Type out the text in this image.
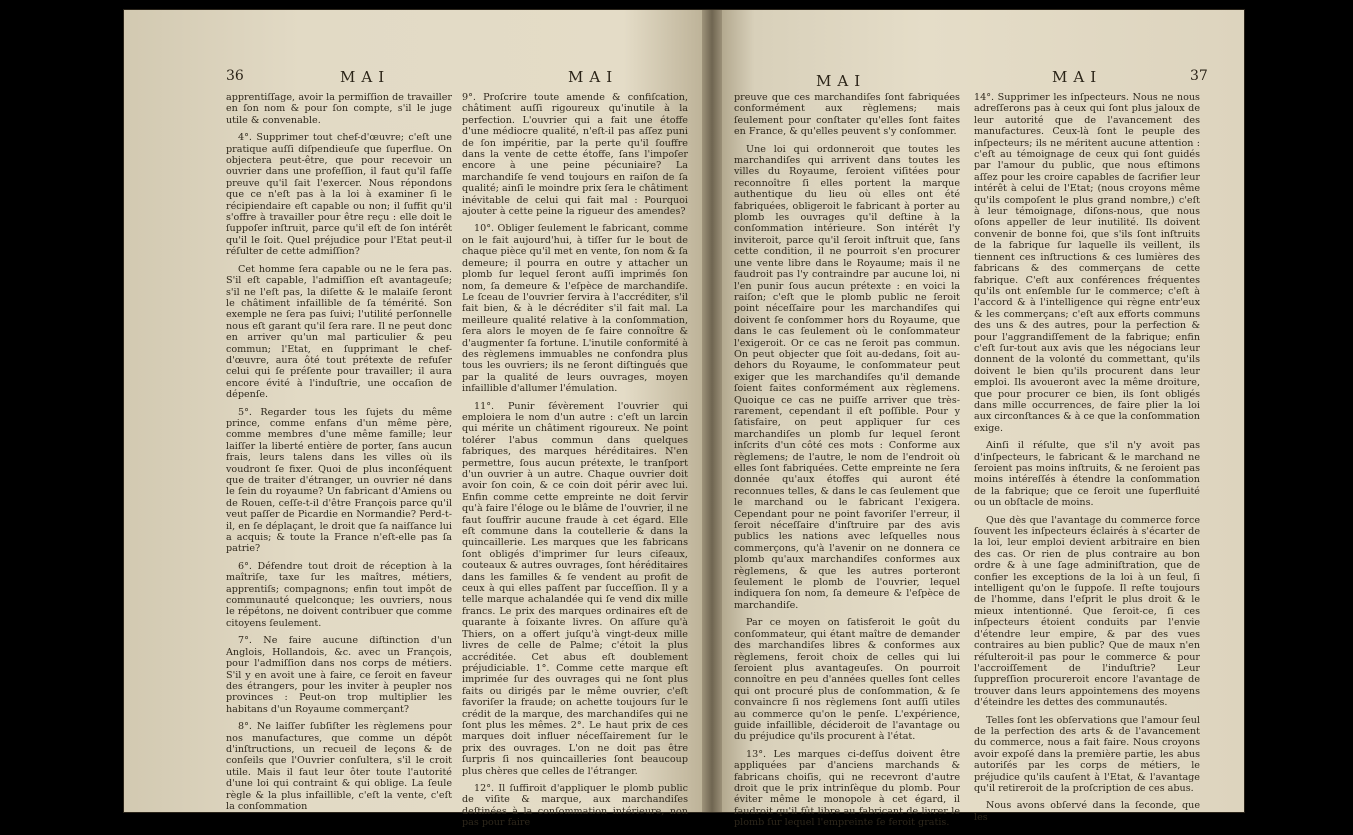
36	MAI	MAI

apprentiſſage, avoir la permiſſion de travailler en ſon nom & pour ſon compte, s'il le juge utile & convenable.

4°. Supprimer tout chef-d'œuvre; c'eſt une pratique auſſi diſpendieuſe que ſuperflue. On objectera peut-être, que pour recevoir un ouvrier dans une profeſſion, il faut qu'il faſſe preuve qu'il ſait l'exercer. Nous répondons que ce n'eſt pas à la loi à examiner ſi le récipiendaire eſt capable ou non; il ſuffit qu'il s'offre à travailler pour être reçu : elle doit le ſuppoſer inſtruit, parce qu'il eſt de ſon intérêt qu'il le ſoit. Quel préjudice pour l'Etat peut-il réſulter de cette admiſſion?

Cet homme ſera capable ou ne le ſera pas. S'il eſt capable, l'admiſſion eſt avantageuſe; s'il ne l'eſt pas, la diſette & le malaiſe ſeront le châtiment infaillible de ſa témérité. Son exemple ne ſera pas ſuivi; l'utilité perſonnelle nous eſt garant qu'il ſera rare. Il ne peut donc en arriver qu'un mal particulier & peu commun; l'Etat, en ſupprimant le chef-d'œuvre, aura ôté tout prétexte de refuſer celui qui ſe préſente pour travailler; il aura encore évité à l'induſtrie, une occaſion de dépenſe.

5°. Regarder tous les ſujets du même prince, comme enfans d'un même père, comme membres d'une même famille; leur laiſſer la liberté entière de porter, ſans aucun frais, leurs talens dans les villes où ils voudront ſe fixer. Quoi de plus inconſéquent que de traiter d'étranger, un ouvrier né dans le ſein du royaume? Un fabricant d'Amiens ou de Rouen, ceſſe-t-il d'être François parce qu'il veut paſſer de Picardie en Normandie? Perd-t-il, en ſe déplaçant, le droit que ſa naiſſance lui a acquis; & toute la France n'eſt-elle pas ſa patrie?

6°. Défendre tout droit de réception à la maîtriſe, taxe ſur les maîtres, métiers, apprentiſs; compagnons; enfin tout impôt de communauté quelconque; les ouvriers, nous le répétons, ne doivent contribuer que comme citoyens ſeulement.

7°. Ne faire aucune diſtinction d'un Anglois, Hollandois, &c. avec un François, pour l'admiſſion dans nos corps de métiers. S'il y en avoit une à faire, ce ſeroit en faveur des étrangers, pour les inviter à peupler nos provinces : Peut-on trop multiplier les habitans d'un Royaume commerçant?

8°. Ne laiſſer ſubſiſter les règlemens pour nos manufactures, que comme un dépôt d'inſtructions, un recueil de leçons & de conſeils que l'Ouvrier conſultera, s'il le croit utile. Mais il faut leur ôter toute l'autorité d'une loi qui contraint & qui oblige. La ſeule règle & la plus infaillible, c'eſt la vente, c'eſt la conſommation

9°. Proſcrire toute amende & confiſcation, châtiment auſſi rigoureux qu'inutile à la perfection. L'ouvrier qui a fait une étoffe d'une médiocre qualité, n'eſt-il pas aſſez puni de ſon impéritie, par la perte qu'il ſouffre dans la vente de cette étoffe, ſans l'impoſer encore à une peine pécuniaire? La marchandiſe ſe vend toujours en raiſon de ſa qualité; ainſi le moindre prix ſera le châtiment inévitable de celui qui fait mal : Pourquoi ajouter à cette peine la rigueur des amendes?

10°. Obliger ſeulement le fabricant, comme on le fait aujourd'hui, à tiſſer ſur le bout de chaque pièce qu'il met en vente, ſon nom & ſa demeure; il pourra en outre y attacher un plomb ſur lequel ſeront auſſi imprimés ſon nom, ſa demeure & l'eſpèce de marchandiſe. Le ſceau de l'ouvrier ſervira à l'accréditer, s'il fait bien, & à le décréditer s'il fait mal. La meilleure qualité relative à la conſommation, ſera alors le moyen de ſe faire connoître & d'augmenter ſa fortune. L'inutile conformité à des règlemens immuables ne confondra plus tous les ouvriers; ils ne ſeront diſtingués que par la qualité de leurs ouvrages, moyen infaillible d'allumer l'émulation.

11°. Punir ſévèrement l'ouvrier qui emploiera le nom d'un autre : c'eſt un larcin qui mérite un châtiment rigoureux. Ne point tolérer l'abus commun dans quelques fabriques, des marques héréditaires. N'en permettre, ſous aucun prétexte, le tranſport d'un ouvrier à un autre. Chaque ouvrier doit avoir ſon coin, & ce coin doit périr avec lui. Enfin comme cette empreinte ne doit ſervir qu'à faire l'éloge ou le blâme de l'ouvrier, il ne faut ſouffrir aucune fraude à cet égard. Elle eſt commune dans la coutellerie & dans la quincaillerie. Les marques que les fabricans ſont obligés d'imprimer ſur leurs ciſeaux, couteaux & autres ouvrages, ſont héréditaires dans les familles & ſe vendent au profit de ceux à qui elles paſſent par ſucceſſion. Il y a telle marque achalandée qui ſe vend dix mille francs. Le prix des marques ordinaires eſt de quarante à ſoixante livres. On aſſure qu'à Thiers, on a offert juſqu'à vingt-deux mille livres de celle de Palme; c'étoit la plus accréditée. Cet abus eſt doublement préjudiciable. 1°. Comme cette marque eſt imprimée ſur des ouvrages qui ne ſont plus faits ou dirigés par le même ouvrier, c'eſt favoriſer la fraude; on achette toujours ſur le crédit de la marque, des marchandiſes qui ne ſont plus les mêmes. 2°. Le haut prix de ces marques doit influer néceſſairement ſur le prix des ouvrages. L'on ne doit pas être ſurpris ſi nos quincailleries ſont beaucoup plus chères que celles de l'étranger.

12°. Il ſuffiroit d'appliquer le plomb public de viſite & marque, aux marchandiſes deſtinées à la conſommation intérieure, non pas pour faire

MAI	MAI	37

preuve que ces marchandiſes ſont fabriquées conformément aux règlemens; mais ſeulement pour conſtater qu'elles ſont faites en France, & qu'elles peuvent s'y conſommer.

Une loi qui ordonneroit que toutes les marchandiſes qui arrivent dans toutes les villes du Royaume, ſeroient viſitées pour reconnoître ſi elles portent la marque authentique du lieu où elles ont été fabriquées, obligeroit le fabricant à porter au plomb les ouvrages qu'il deſtine à la conſommation intérieure. Son intérêt l'y inviteroit, parce qu'il ſeroit inſtruit que, ſans cette condition, il ne pourroit s'en procurer une vente libre dans le Royaume; mais il ne faudroit pas l'y contraindre par aucune loi, ni l'en punir ſous aucun prétexte : en voici la raiſon; c'eſt que le plomb public ne ſeroit point néceſſaire pour les marchandiſes qui doivent ſe conſommer hors du Royaume, que dans le cas ſeulement où le conſommateur l'exigeroit. Or ce cas ne ſeroit pas commun. On peut objecter que ſoit au-dedans, ſoit au-dehors du Royaume, le conſommateur peut exiger que les marchandiſes qu'il demande ſoient faites conformément aux règlemens. Quoique ce cas ne puiſſe arriver que très-rarement, cependant il eſt poſſible. Pour y ſatisfaire, on peut appliquer ſur ces marchandiſes un plomb ſur lequel ſeront inſcrits d'un côté ces mots : Conforme aux règlemens; de l'autre, le nom de l'endroit où elles ſont fabriquées. Cette empreinte ne ſera donnée qu'aux étoffes qui auront été reconnues telles, & dans le cas ſeulement que le marchand ou le fabricant l'exigera. Cependant pour ne point favoriſer l'erreur, il ſeroit néceſſaire d'inſtruire par des avis publics les nations avec leſquelles nous commerçons, qu'à l'avenir on ne donnera ce plomb qu'aux marchandiſes conformes aux règlemens, & que les autres porteront ſeulement le plomb de l'ouvrier, lequel indiquera ſon nom, ſa demeure & l'eſpèce de marchandiſe.

Par ce moyen on ſatisferoit le goût du conſommateur, qui étant maître de demander des marchandiſes libres & conformes aux règlemens, feroit choix de celles qui lui ſeroient plus avantageuſes. On pourroit connoître en peu d'années quelles ſont celles qui ont procuré plus de conſommation, & ſe convaincre ſi nos règlemens ſont auſſi utiles au commerce qu'on le penſe. L'expérience, guide infaillible, décideroit de l'avantage ou du préjudice qu'ils procurent à l'état.

13°. Les marques ci-deſſus doivent être appliquées par d'anciens marchands & fabricans choiſis, qui ne recevront d'autre droit que le prix intrinſèque du plomb. Pour éviter même le monopole à cet égard, il faudroit qu'il fût libre au fabricant de livrer le plomb ſur lequel l'empreinte ſe feroit gratis.

14°. Supprimer les inſpecteurs. Nous ne nous adreſſerons pas à ceux qui ſont plus jaloux de leur autorité que de l'avancement des manufactures. Ceux-là ſont le peuple des inſpecteurs; ils ne méritent aucune attention : c'eſt au témoignage de ceux qui ſont guidés par l'amour du public, que nous eſtimons aſſez pour les croire capables de ſacrifier leur intérêt à celui de l'Etat; (nous croyons même qu'ils compoſent le plus grand nombre,) c'eſt à leur témoignage, diſons-nous, que nous oſons appeller de leur inutilité. Ils doivent convenir de bonne foi, que s'ils ſont inſtruits de la fabrique ſur laquelle ils veillent, ils tiennent ces inſtructions & ces lumières des fabricans & des commerçans de cette fabrique. C'eſt aux conférences fréquentes qu'ils ont enſemble ſur le commerce; c'eſt à l'accord & à l'intelligence qui règne entr'eux & les commerçans; c'eſt aux efforts communs des uns & des autres, pour la perfection & pour l'aggrandiſſement de la fabrique; enfin c'eſt ſur-tout aux avis que les négocians leur donnent de la volonté du commettant, qu'ils doivent le bien qu'ils procurent dans leur emploi. Ils avoueront avec la même droiture, que pour procurer ce bien, ils ſont obligés dans mille occurrences, de faire plier la loi aux circonſtances & à ce que la conſommation exige.

Ainſi il réſulte, que s'il n'y avoit pas d'inſpecteurs, le fabricant & le marchand ne ſeroient pas moins inſtruits, & ne ſeroient pas moins intéreſſés à étendre la conſommation de la fabrique; que ce ſeroit une ſuperfluité ou un obſtacle de moins.

Que dès que l'avantage du commerce force ſouvent les inſpecteurs éclairés à s'écarter de la loi, leur emploi devient arbitraire en bien des cas. Or rien de plus contraire au bon ordre & à une ſage adminiſtration, que de confier les exceptions de la loi à un ſeul, ſi intelligent qu'on le ſuppoſe. Il reſte toujours de l'homme, dans l'eſprit le plus droit & le mieux intentionné. Que ſeroit-ce, ſi ces inſpecteurs étoient conduits par l'envie d'étendre leur empire, & par des vues contraires au bien public? Que de maux n'en réſulteroit-il pas pour le commerce & pour l'accroiſſement de l'induſtrie? Leur ſuppreſſion procureroit encore l'avantage de trouver dans leurs appointemens des moyens d'éteindre les dettes des communautés.

Telles ſont les obſervations que l'amour ſeul de la perfection des arts & de l'avancement du commerce, nous a fait faire. Nous croyons avoir expoſé dans la première partie, les abus autoriſés par les corps de métiers, le préjudice qu'ils cauſent à l'Etat, & l'avantage qu'il retireroit de la proſcription de ces abus.

Nous avons obſervé dans la ſeconde, que les
